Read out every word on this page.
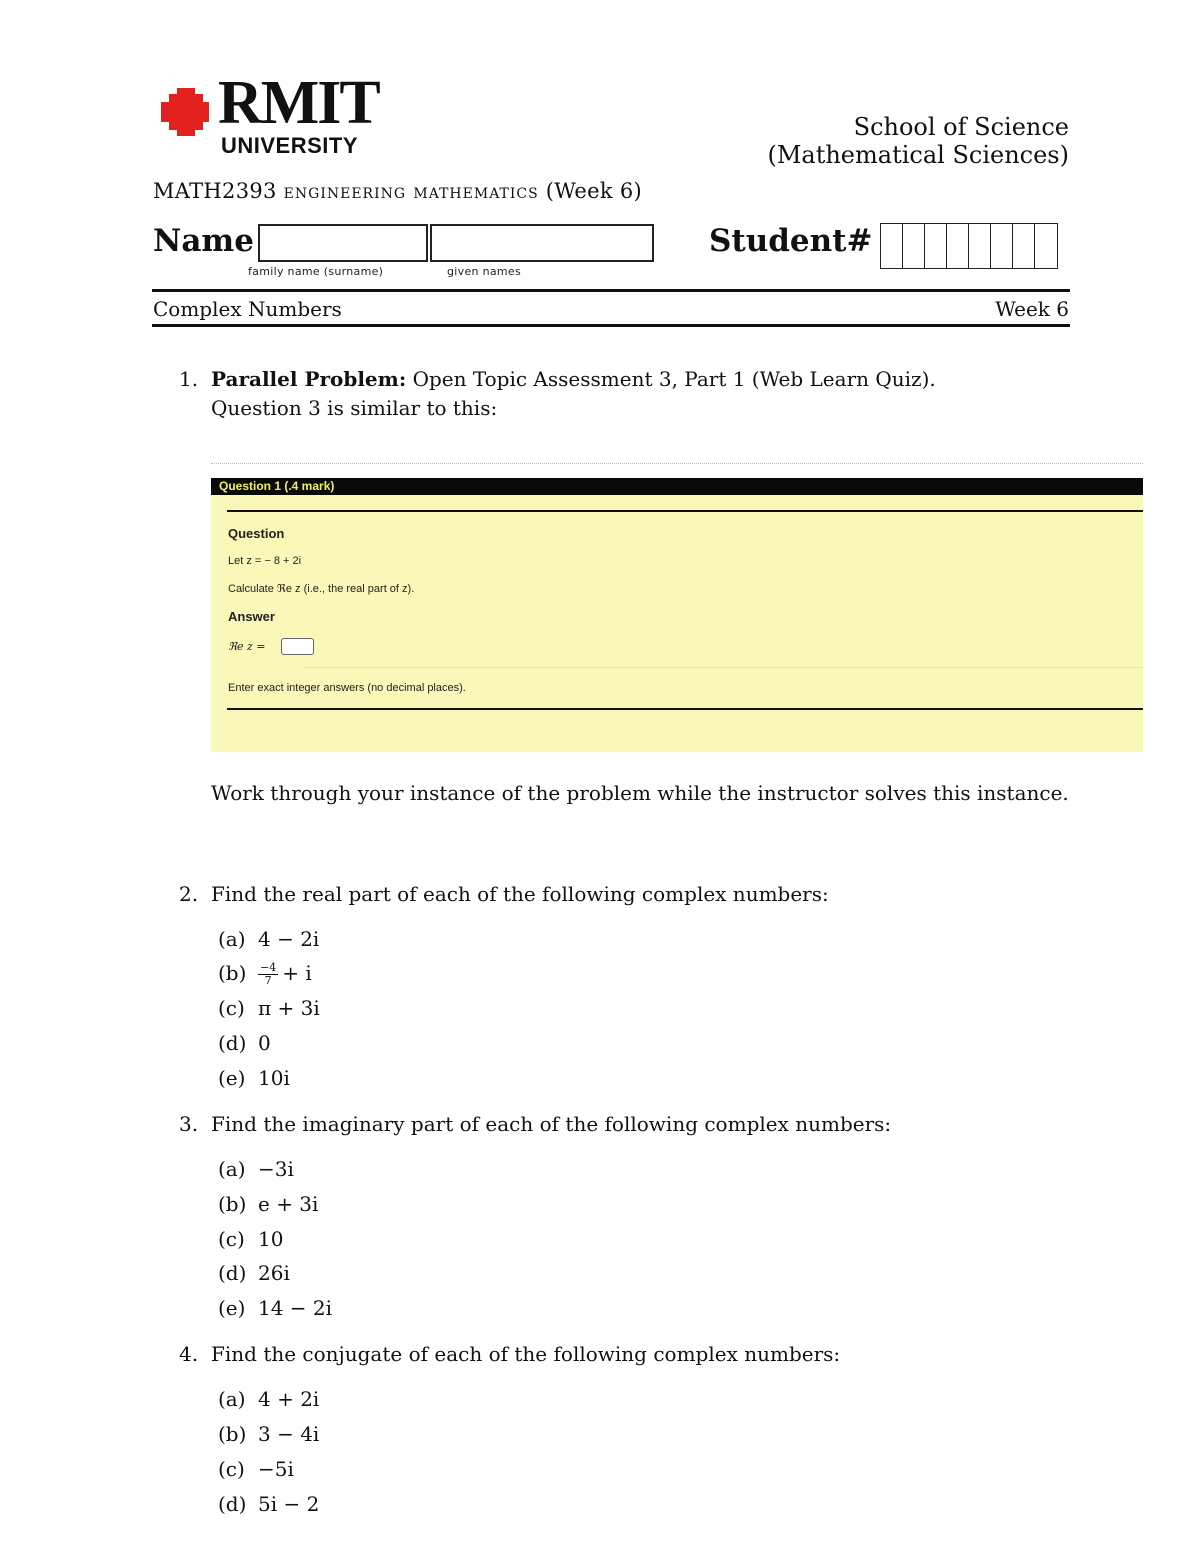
RMIT
UNIVERSITY
School of Science
(Mathematical Sciences)
MATH2393 engineering mathematics (Week 6)
Name
family name (surname)	given names
Student#
Complex Numbers	Week 6
1. Parallel Problem: Open Topic Assessment 3, Part 1 (Web Learn Quiz).
Question 3 is similar to this:
Question 1 (.4 mark)
Question
Let z = − 8 + 2i
Calculate ℜe z (i.e., the real part of z).
Answer
ℜe z =
Enter exact integer answers (no decimal places).
Work through your instance of the problem while the instructor solves this instance.
2. Find the real part of each of the following complex numbers:
(a) 4 − 2i
$(b) \frac{-4}{7} + i$
(c) π + 3i
(d) 0
(e) 10i
3. Find the imaginary part of each of the following complex numbers:
(a) −3i
(b) e + 3i
(c) 10
(d) 26i
(e) 14 − 2i
4. Find the conjugate of each of the following complex numbers:
(a) 4 + 2i
(b) 3 − 4i
(c) −5i
(d) 5i − 2
